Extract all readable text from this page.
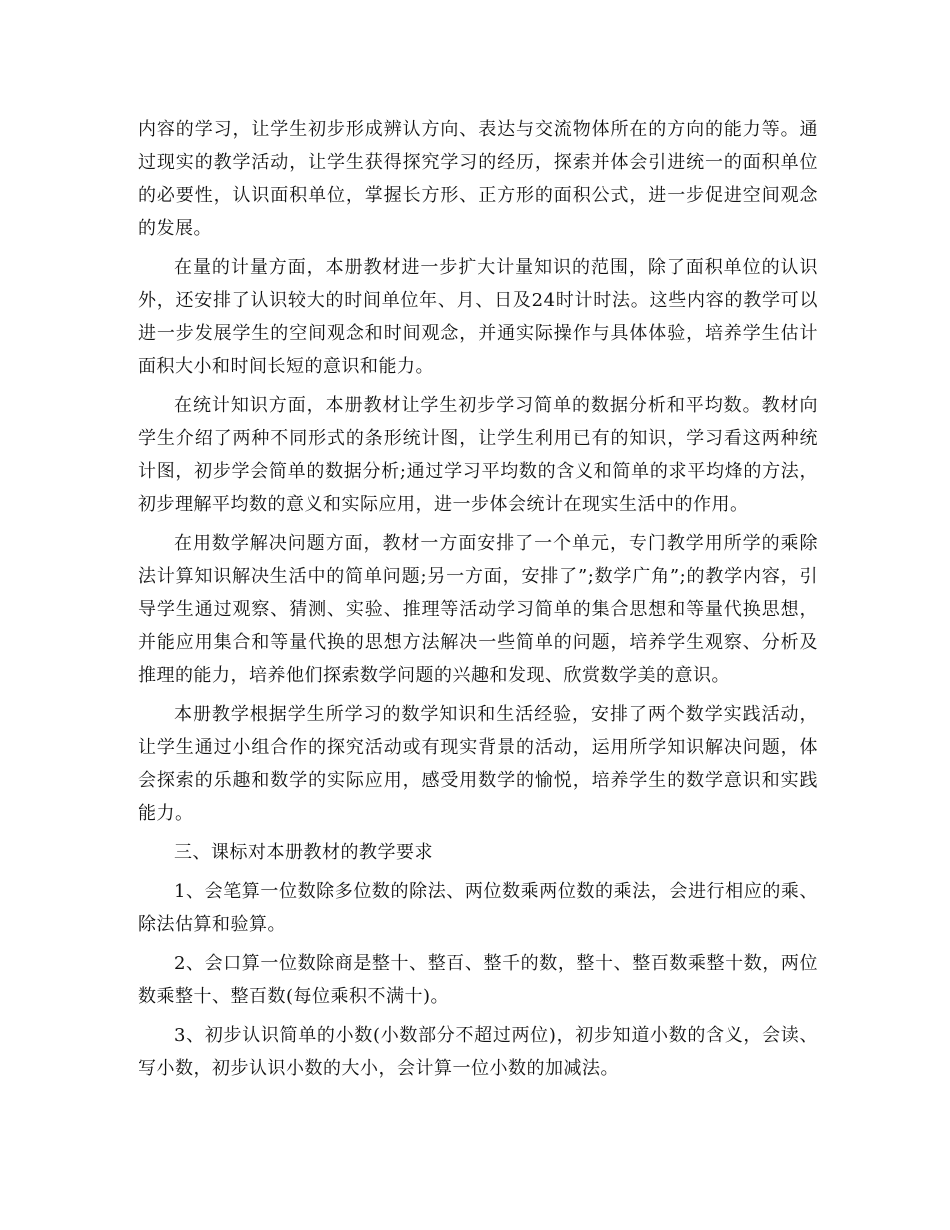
内容的学习，让学生初步形成辨认方向、表达与交流物体所在的方向的能力等。通过现实的教学活动，让学生获得探究学习的经历，探索并体会引进统一的面积单位的必要性，认识面积单位，掌握长方形、正方形的面积公式，进一步促进空间观念的发展。

在量的计量方面，本册教材进一步扩大计量知识的范围，除了面积单位的认识外，还安排了认识较大的时间单位年、月、日及24时计时法。这些内容的教学可以进一步发展学生的空间观念和时间观念，并通实际操作与具体体验，培养学生估计面积大小和时间长短的意识和能力。

在统计知识方面，本册教材让学生初步学习简单的数据分析和平均数。教材向学生介绍了两种不同形式的条形统计图，让学生利用已有的知识，学习看这两种统计图，初步学会简单的数据分析;通过学习平均数的含义和简单的求平均烽的方法，初步理解平均数的意义和实际应用，进一步体会统计在现实生活中的作用。

在用数学解决问题方面，教材一方面安排了一个单元，专门教学用所学的乘除法计算知识解决生活中的简单问题;另一方面，安排了”;数学广角”;的教学内容，引导学生通过观察、猜测、实验、推理等活动学习简单的集合思想和等量代换思想，并能应用集合和等量代换的思想方法解决一些简单的问题，培养学生观察、分析及推理的能力，培养他们探索数学问题的兴趣和发现、欣赏数学美的意识。

本册教学根据学生所学习的数学知识和生活经验，安排了两个数学实践活动，让学生通过小组合作的探究活动或有现实背景的活动，运用所学知识解决问题，体会探索的乐趣和数学的实际应用，感受用数学的愉悦，培养学生的数学意识和实践能力。

三、课标对本册教材的教学要求

1、会笔算一位数除多位数的除法、两位数乘两位数的乘法，会进行相应的乘、除法估算和验算。

2、会口算一位数除商是整十、整百、整千的数，整十、整百数乘整十数，两位数乘整十、整百数(每位乘积不满十)。

3、初步认识简单的小数(小数部分不超过两位)，初步知道小数的含义，会读、写小数，初步认识小数的大小，会计算一位小数的加减法。
